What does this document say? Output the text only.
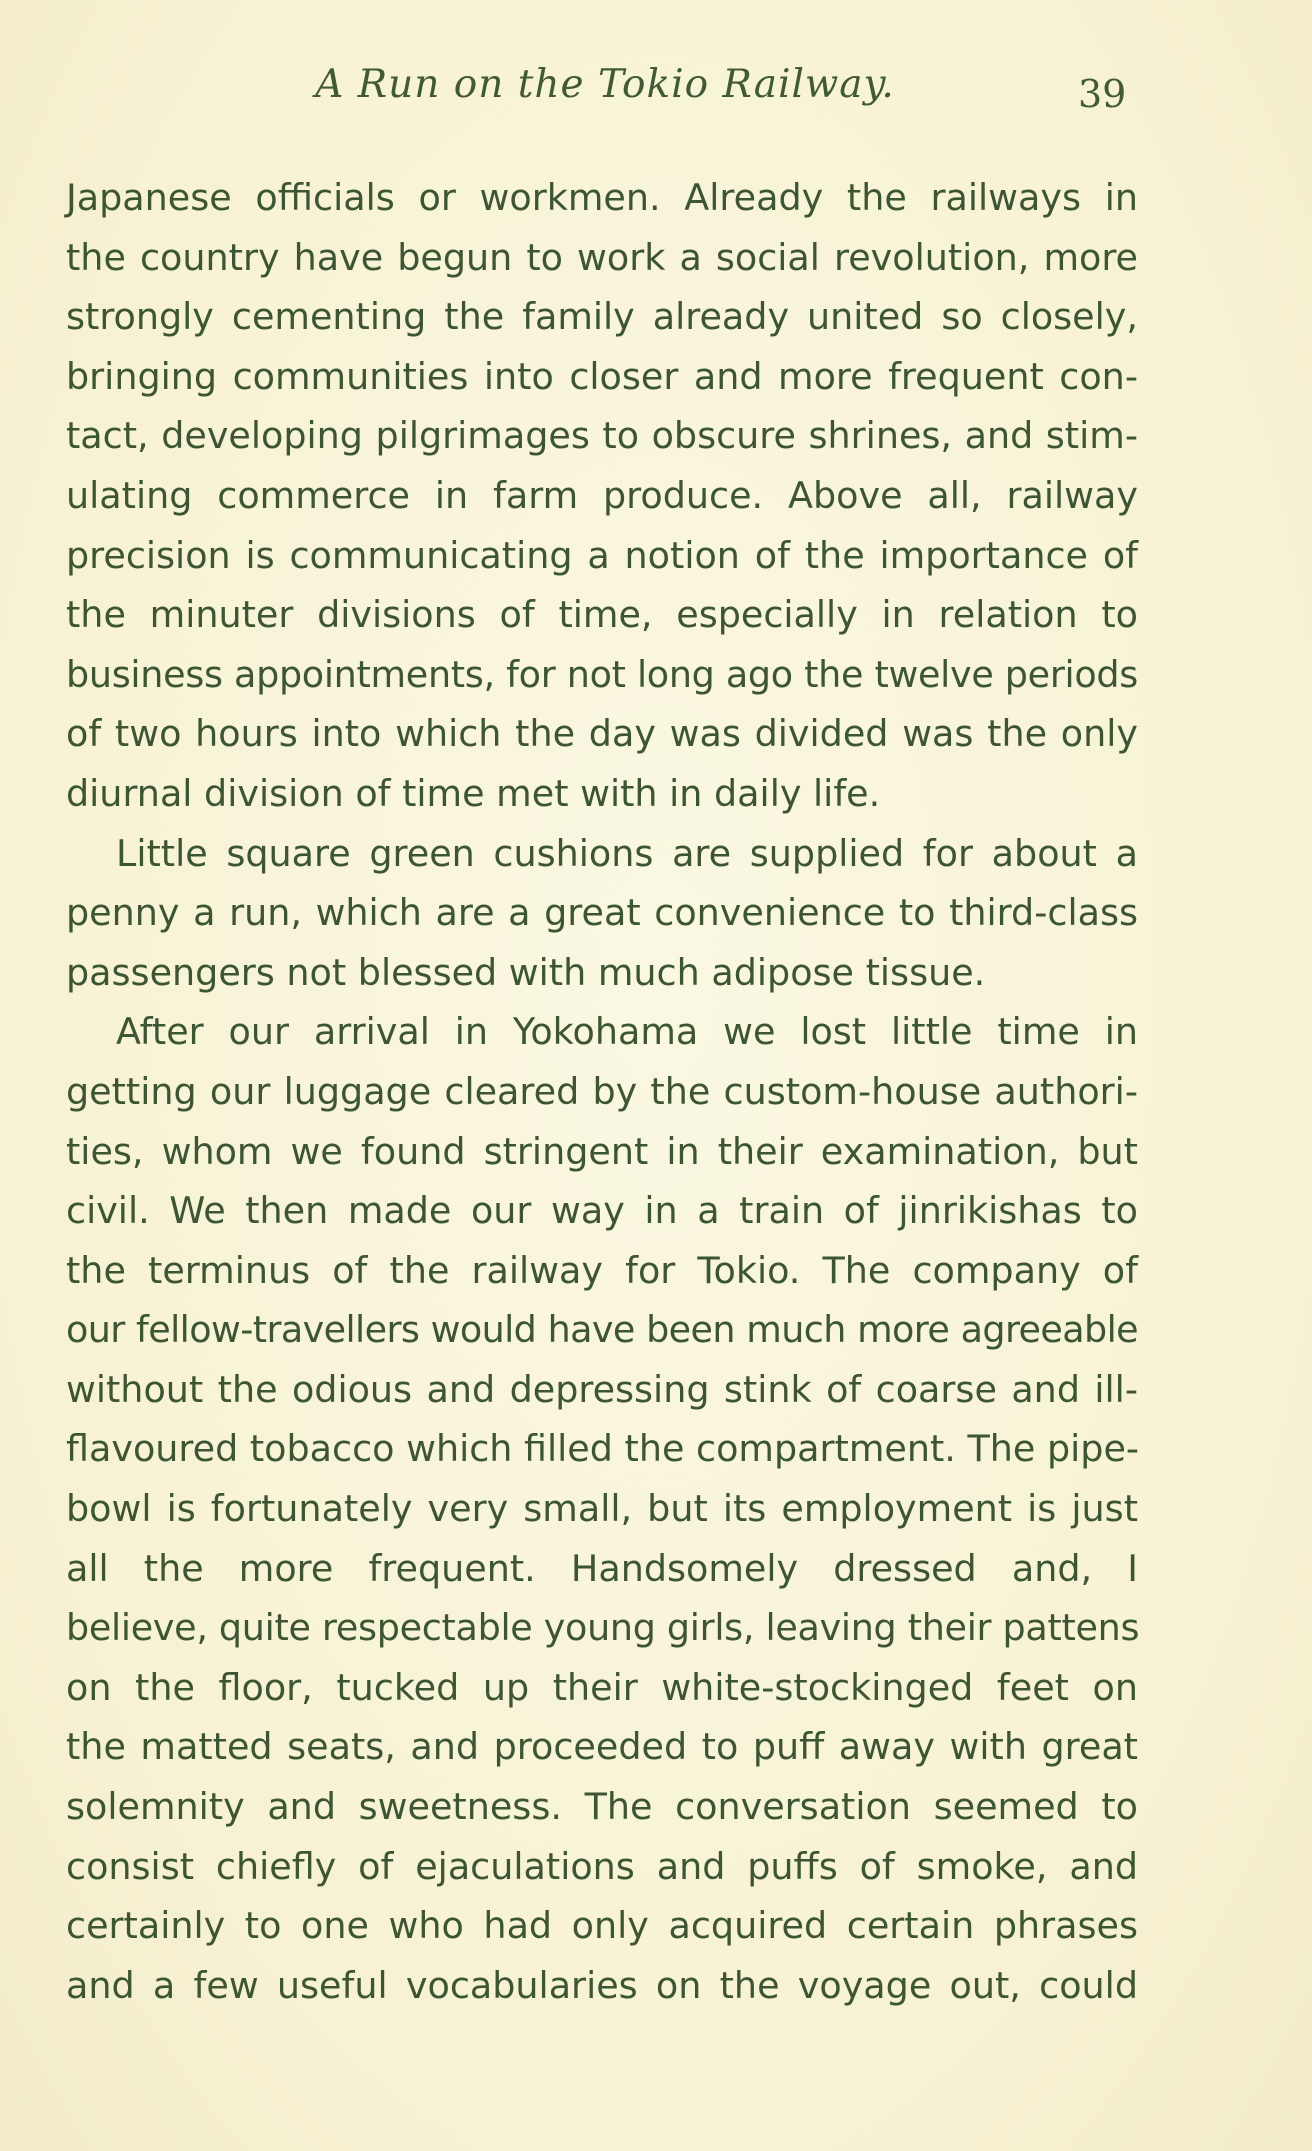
A Run on the Tokio Railway.	39
Japanese officials or workmen. Already the railways in
the country have begun to work a social revolution, more
strongly cementing the family already united so closely,
bringing communities into closer and more frequent con-
tact, developing pilgrimages to obscure shrines, and stim-
ulating commerce in farm produce. Above all, railway
precision is communicating a notion of the importance of
the minuter divisions of time, especially in relation to
business appointments, for not long ago the twelve periods
of two hours into which the day was divided was the only
diurnal division of time met with in daily life.
Little square green cushions are supplied for about a
penny a run, which are a great convenience to third-class
passengers not blessed with much adipose tissue.
After our arrival in Yokohama we lost little time in
getting our luggage cleared by the custom-house authori-
ties, whom we found stringent in their examination, but
civil. We then made our way in a train of jinrikishas to
the terminus of the railway for Tokio. The company of
our fellow-travellers would have been much more agreeable
without the odious and depressing stink of coarse and ill-
flavoured tobacco which filled the compartment. The pipe-
bowl is fortunately very small, but its employment is just
all the more frequent. Handsomely dressed and, I
believe, quite respectable young girls, leaving their pattens
on the floor, tucked up their white-stockinged feet on
the matted seats, and proceeded to puff away with great
solemnity and sweetness. The conversation seemed to
consist chiefly of ejaculations and puffs of smoke, and
certainly to one who had only acquired certain phrases
and a few useful vocabularies on the voyage out, could
